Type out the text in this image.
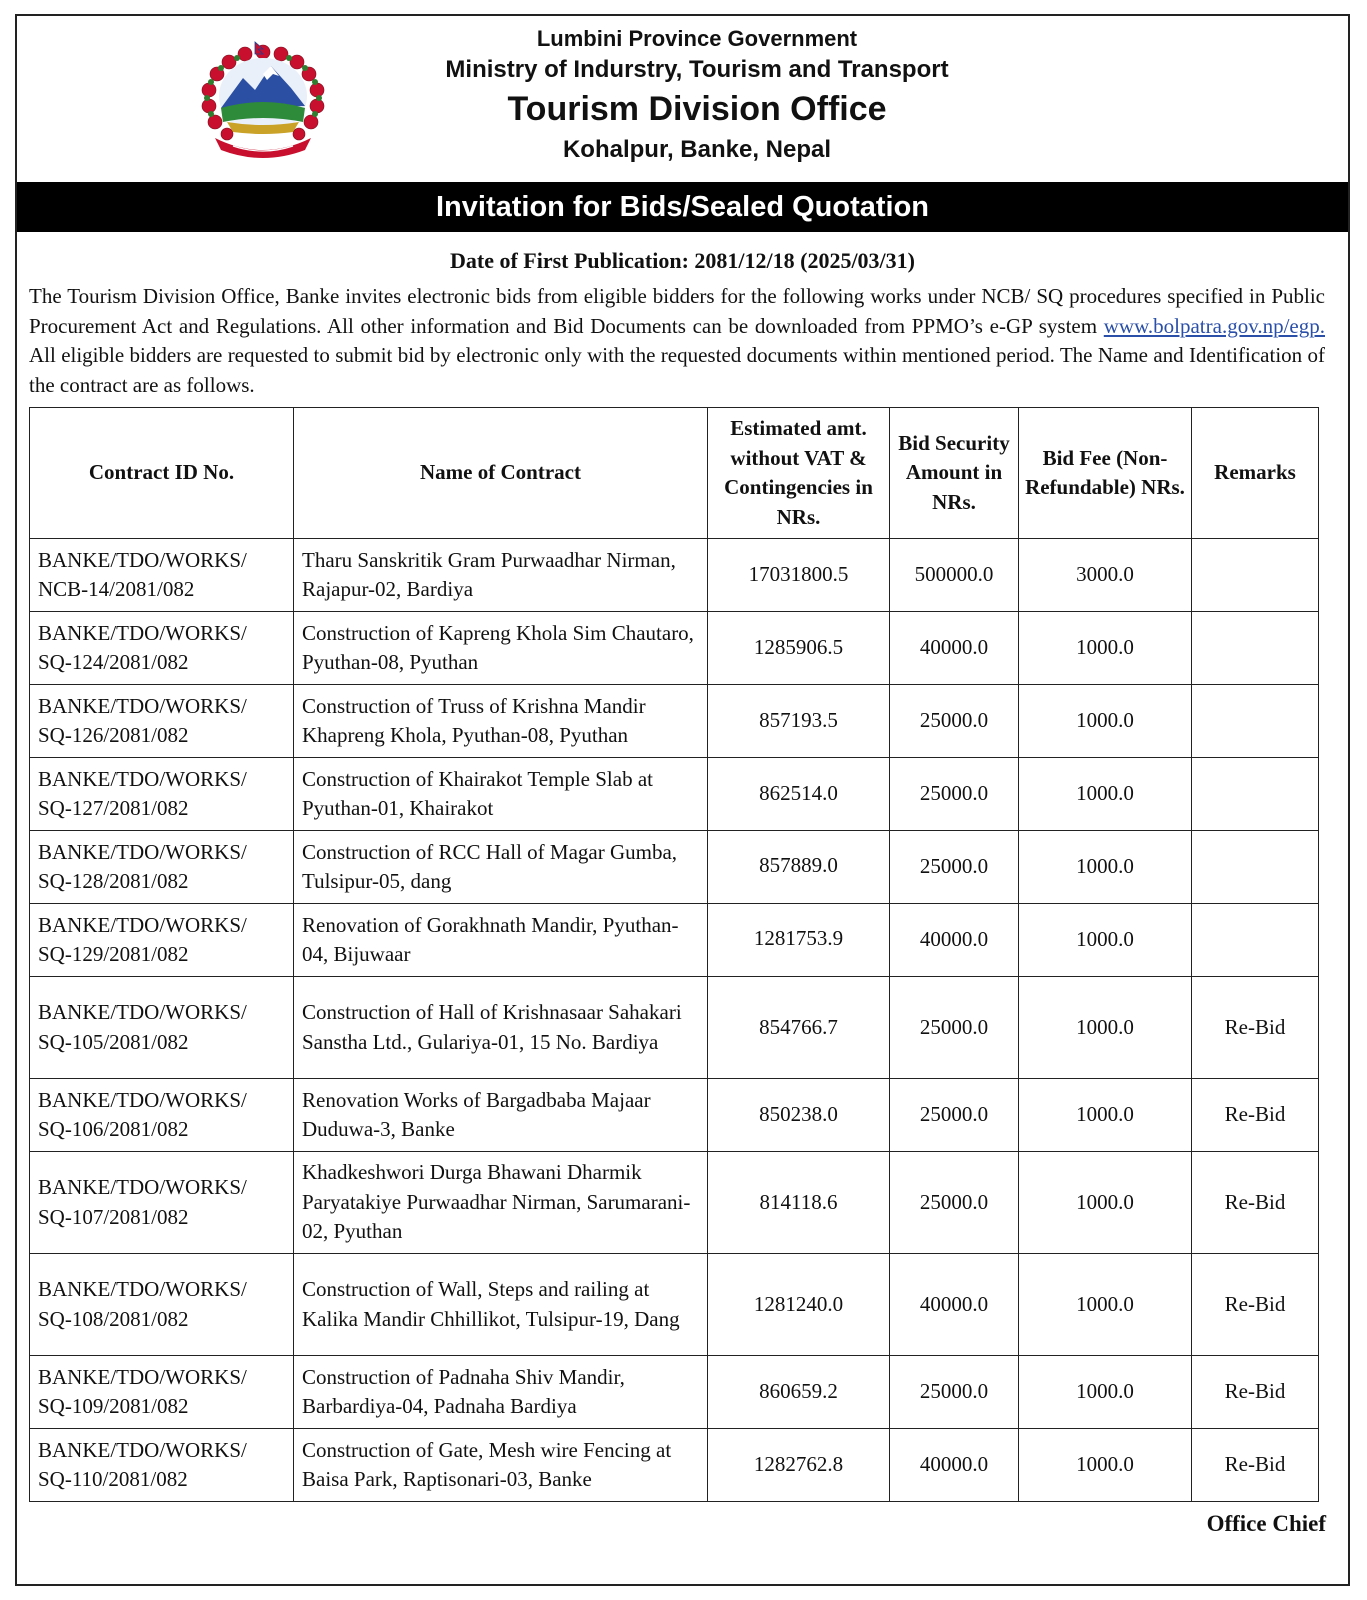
Lumbini Province Government
Ministry of Indurstry, Tourism and Transport
Tourism Division Office
Kohalpur, Banke, Nepal
Invitation for Bids/Sealed Quotation
Date of First Publication: 2081/12/18 (2025/03/31)
The Tourism Division Office, Banke invites electronic bids from eligible bidders for the following works under NCB/ SQ procedures specified in Public Procurement Act and Regulations. All other information and Bid Documents can be downloaded from PPMO’s e-GP system www.bolpatra.gov.np/egp. All eligible bidders are requested to submit bid by electronic only with the requested documents within mentioned period. The Name and Identification of the contract are as follows.
Contract ID No.	Name of Contract	Estimated amt. without VAT & Contingencies in NRs.	Bid Security Amount in NRs.	Bid Fee (Non-Refundable) NRs.	Remarks
BANKE/TDO/WORKS/ NCB-14/2081/082	Tharu Sanskritik Gram Purwaadhar Nirman, Rajapur-02, Bardiya	17031800.5	500000.0	3000.0	
BANKE/TDO/WORKS/ SQ-124/2081/082	Construction of Kapreng Khola Sim Chautaro, Pyuthan-08, Pyuthan	1285906.5	40000.0	1000.0	
BANKE/TDO/WORKS/ SQ-126/2081/082	Construction of Truss of Krishna Mandir Khapreng Khola, Pyuthan-08, Pyuthan	857193.5	25000.0	1000.0	
BANKE/TDO/WORKS/ SQ-127/2081/082	Construction of Khairakot Temple Slab at Pyuthan-01, Khairakot	862514.0	25000.0	1000.0	
BANKE/TDO/WORKS/ SQ-128/2081/082	Construction of RCC Hall of Magar Gumba, Tulsipur-05, dang	857889.0	25000.0	1000.0	
BANKE/TDO/WORKS/ SQ-129/2081/082	Renovation of Gorakhnath Mandir, Pyuthan-04, Bijuwaar	1281753.9	40000.0	1000.0	
BANKE/TDO/WORKS/ SQ-105/2081/082	Construction of Hall of Krishnasaar Sahakari Sanstha Ltd., Gulariya-01, 15 No. Bardiya	854766.7	25000.0	1000.0	Re-Bid
BANKE/TDO/WORKS/ SQ-106/2081/082	Renovation Works of Bargadbaba Majaar Duduwa-3, Banke	850238.0	25000.0	1000.0	Re-Bid
BANKE/TDO/WORKS/ SQ-107/2081/082	Khadkeshwori Durga Bhawani Dharmik Paryatakiye Purwaadhar Nirman, Sarumarani-02, Pyuthan	814118.6	25000.0	1000.0	Re-Bid
BANKE/TDO/WORKS/ SQ-108/2081/082	Construction of Wall, Steps and railing at Kalika Mandir Chhillikot, Tulsipur-19, Dang	1281240.0	40000.0	1000.0	Re-Bid
BANKE/TDO/WORKS/ SQ-109/2081/082	Construction of Padnaha Shiv Mandir, Barbardiya-04, Padnaha Bardiya	860659.2	25000.0	1000.0	Re-Bid
BANKE/TDO/WORKS/ SQ-110/2081/082	Construction of Gate, Mesh wire Fencing at Baisa Park, Raptisonari-03, Banke	1282762.8	40000.0	1000.0	Re-Bid
Office Chief
